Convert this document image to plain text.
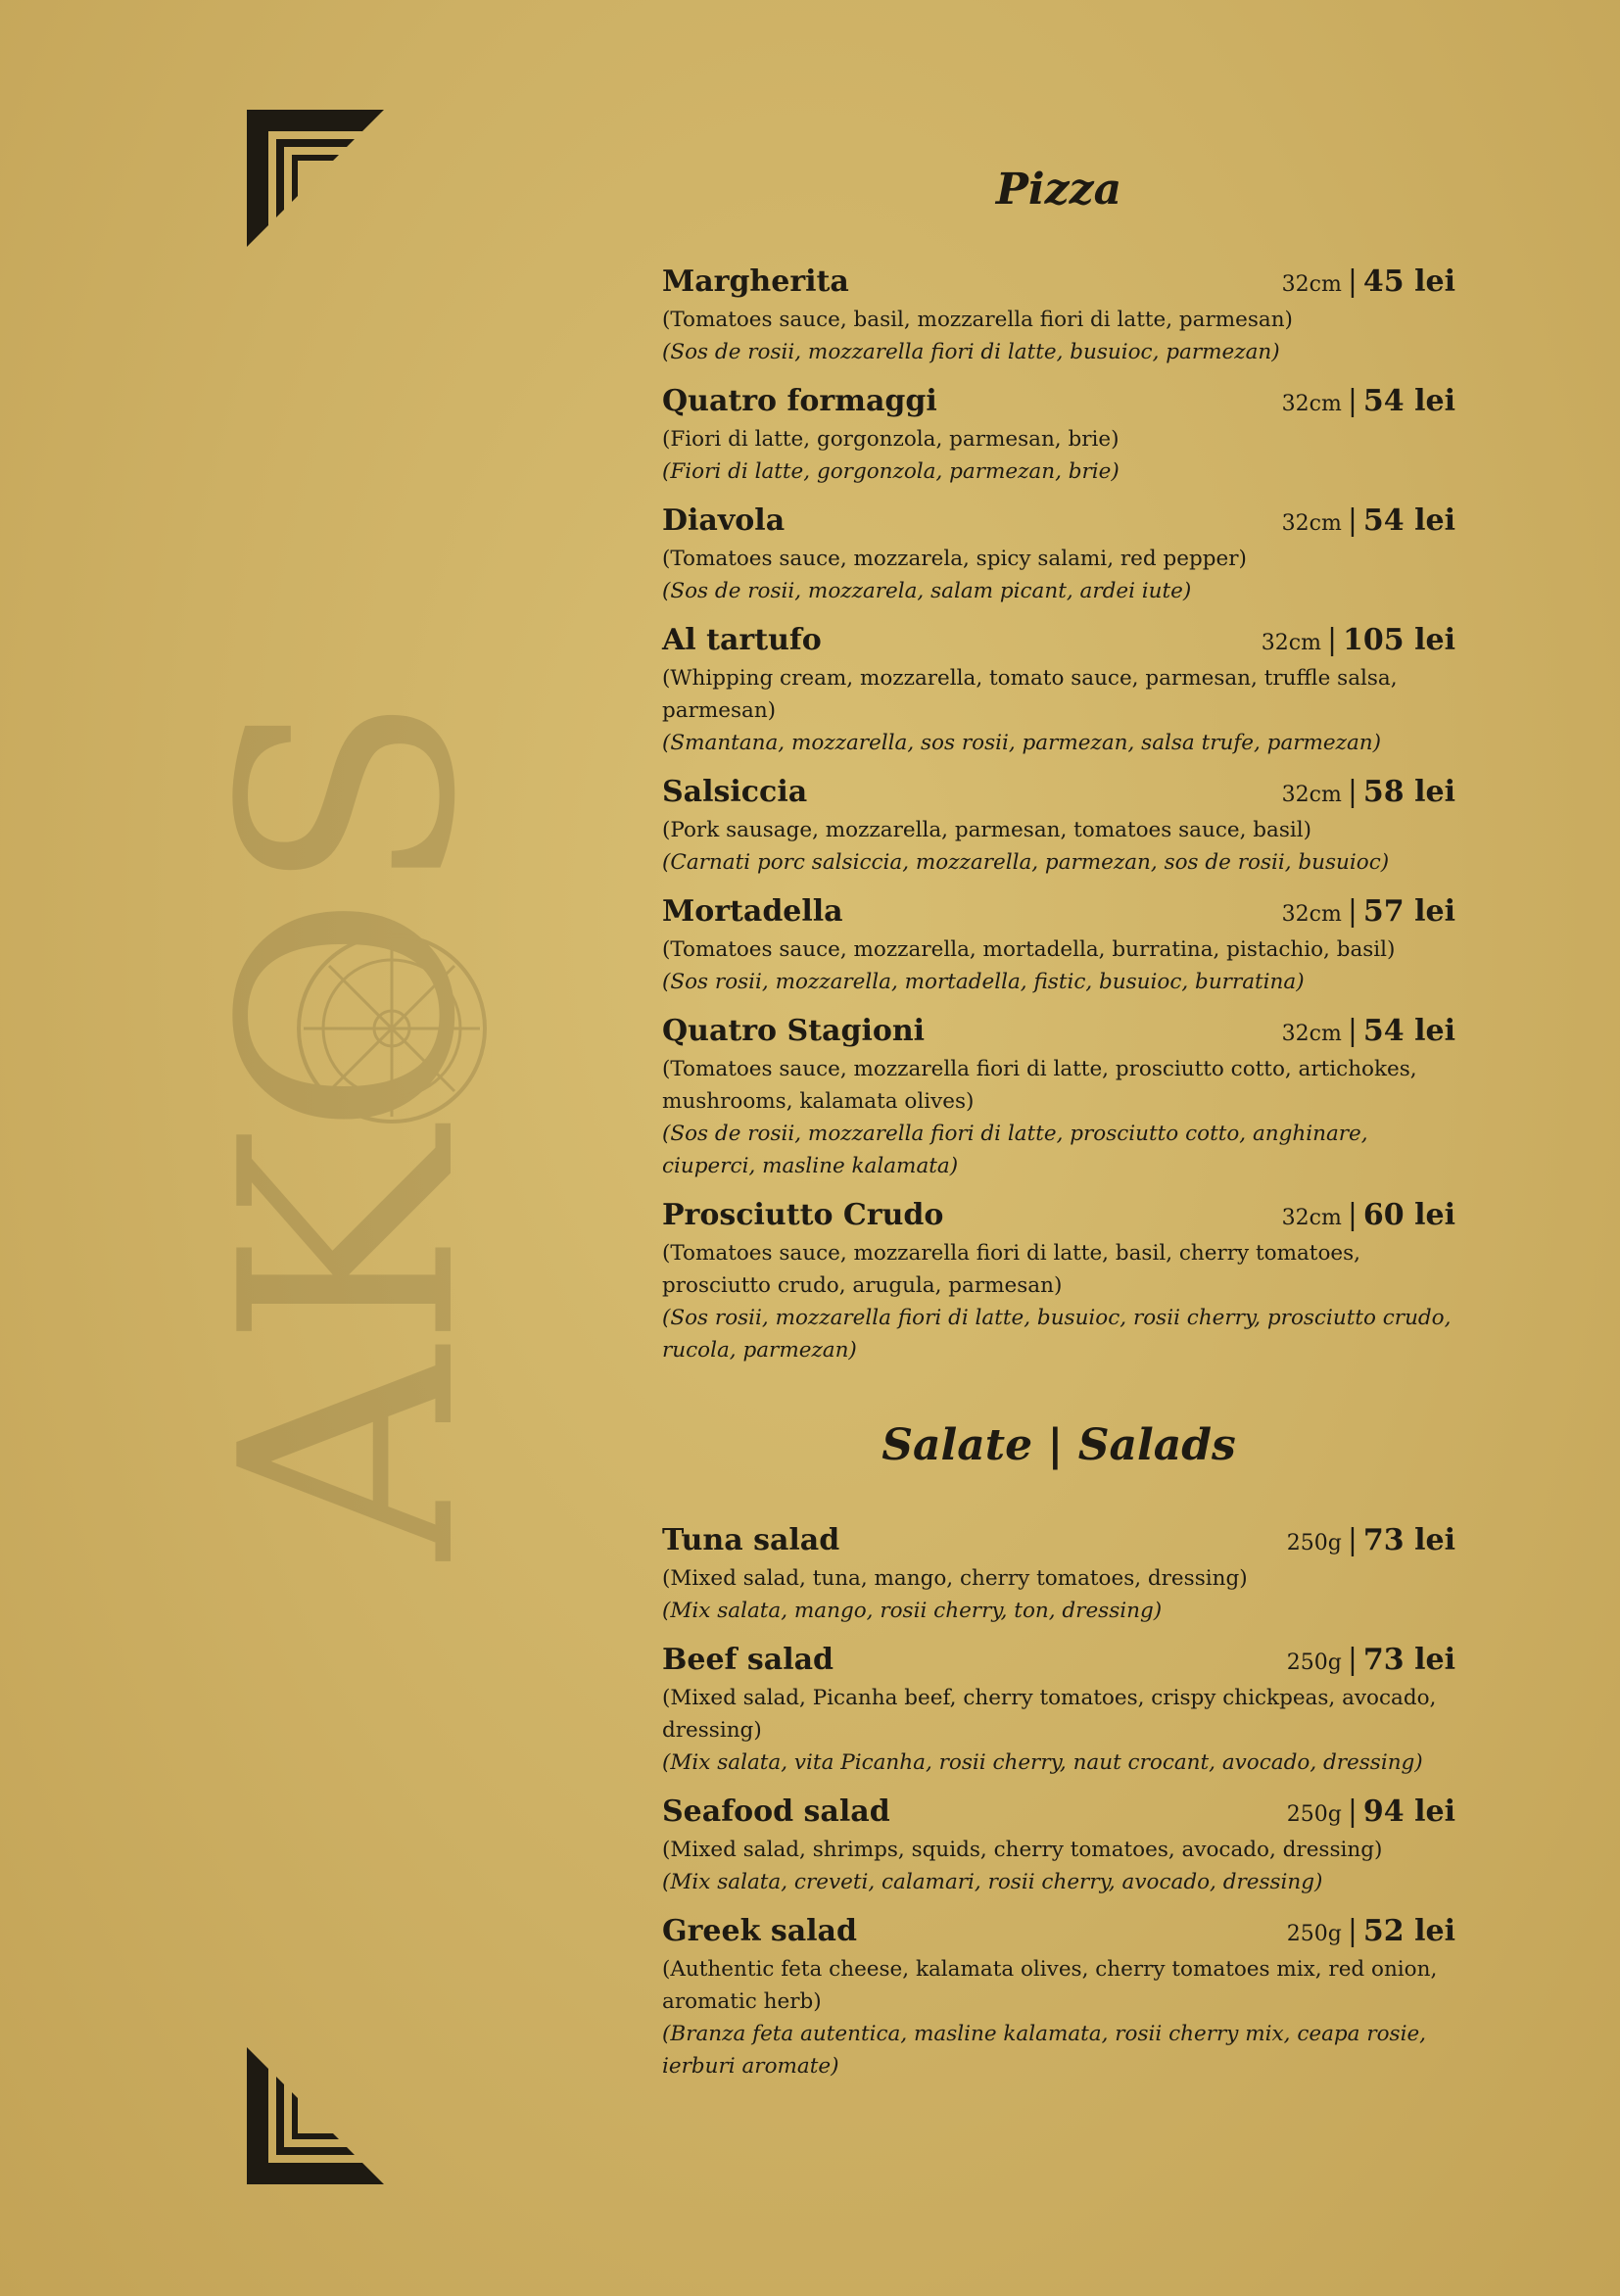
AKOS
Pizza
Margherita	32cm | 45 lei
(Tomatoes sauce, basil, mozzarella fiori di latte, parmesan)
(Sos de rosii, mozzarella fiori di latte, busuioc, parmezan)
Quatro formaggi	32cm | 54 lei
(Fiori di latte, gorgonzola, parmesan, brie)
(Fiori di latte, gorgonzola, parmezan, brie)
Diavola	32cm | 54 lei
(Tomatoes sauce, mozzarela, spicy salami, red pepper)
(Sos de rosii, mozzarela, salam picant, ardei iute)
Al tartufo	32cm | 105 lei
(Whipping cream, mozzarella, tomato sauce, parmesan, truffle salsa, parmesan)
(Smantana, mozzarella, sos rosii, parmezan, salsa trufe, parmezan)
Salsiccia	32cm | 58 lei
(Pork sausage, mozzarella, parmesan, tomatoes sauce, basil)
(Carnati porc salsiccia, mozzarella, parmezan, sos de rosii, busuioc)
Mortadella	32cm | 57 lei
(Tomatoes sauce, mozzarella, mortadella, burratina, pistachio, basil)
(Sos rosii, mozzarella, mortadella, fistic, busuioc, burratina)
Quatro Stagioni	32cm | 54 lei
(Tomatoes sauce, mozzarella fiori di latte, prosciutto cotto, artichokes, mushrooms, kalamata olives)
(Sos de rosii, mozzarella fiori di latte, prosciutto cotto, anghinare, ciuperci, masline kalamata)
Prosciutto Crudo	32cm | 60 lei
(Tomatoes sauce, mozzarella fiori di latte, basil, cherry tomatoes, prosciutto crudo, arugula, parmesan)
(Sos rosii, mozzarella fiori di latte, busuioc, rosii cherry, prosciutto crudo, rucola, parmezan)
Salate | Salads
Tuna salad	250g | 73 lei
(Mixed salad, tuna, mango, cherry tomatoes, dressing)
(Mix salata, mango, rosii cherry, ton, dressing)
Beef salad	250g | 73 lei
(Mixed salad, Picanha beef, cherry tomatoes, crispy chickpeas, avocado, dressing)
(Mix salata, vita Picanha, rosii cherry, naut crocant, avocado, dressing)
Seafood salad	250g | 94 lei
(Mixed salad, shrimps, squids, cherry tomatoes, avocado, dressing)
(Mix salata, creveti, calamari, rosii cherry, avocado, dressing)
Greek salad	250g | 52 lei
(Authentic feta cheese, kalamata olives, cherry tomatoes mix, red onion, aromatic herb)
(Branza feta autentica, masline kalamata, rosii cherry mix, ceapa rosie, ierburi aromate)
